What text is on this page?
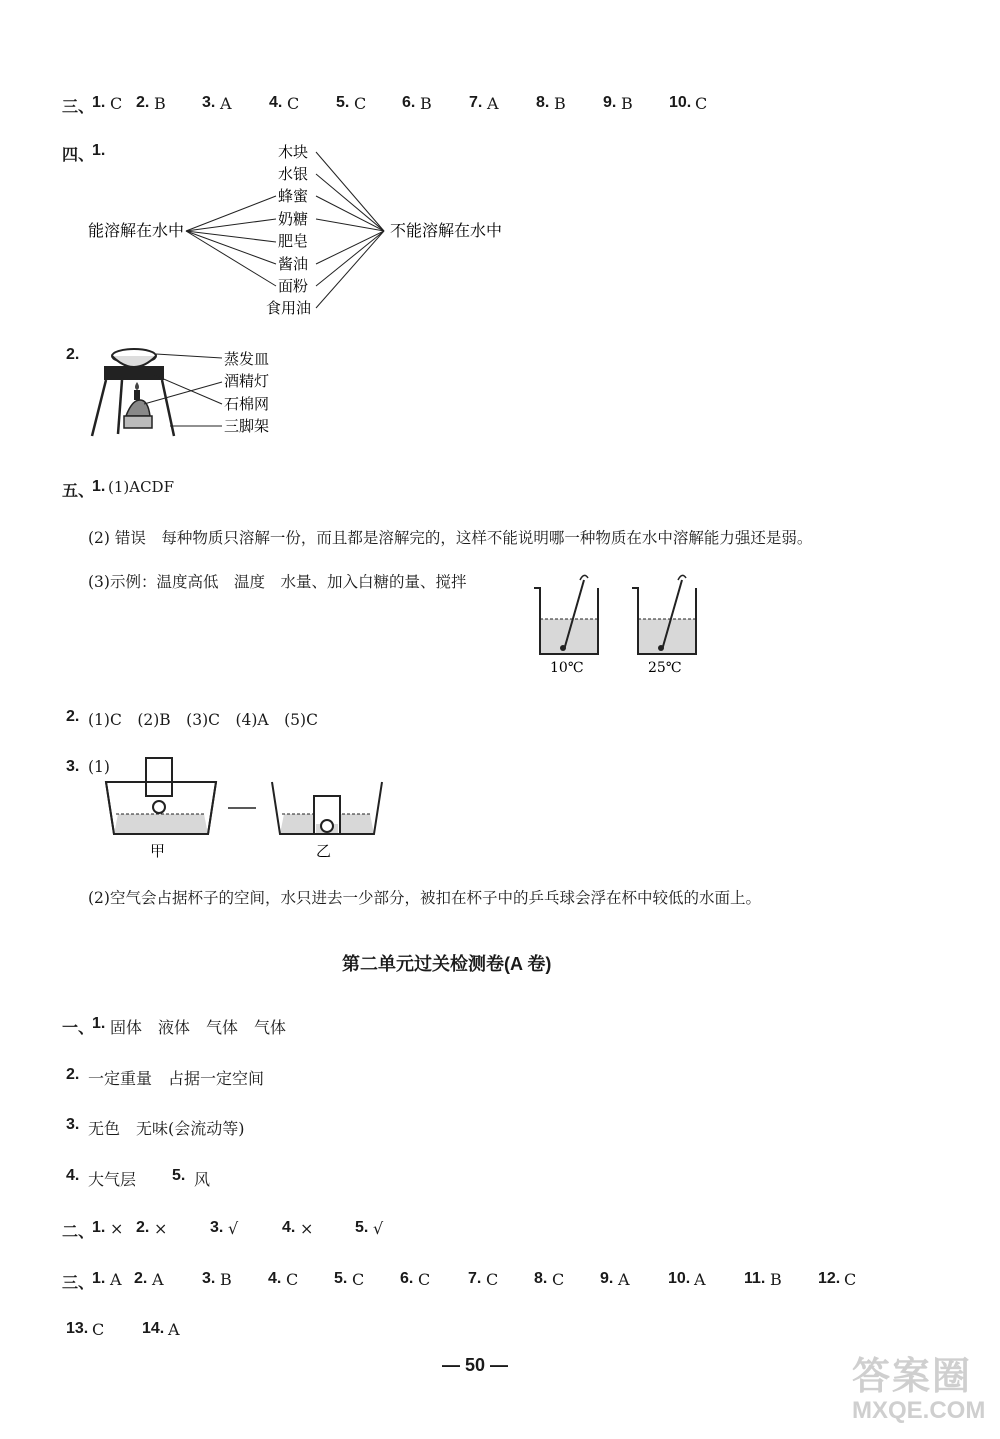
三、
1. C 2. B 3. A 4. C 5. C 6. B 7. A 8. B 9. B 10. C
四、
1.
能溶解在水中	不能溶解在水中
木块
水银
蜂蜜
奶糖
肥皂
酱油
面粉
食用油
2.	蒸发皿
酒精灯
石棉网
三脚架
五、
1. (1)ACDF
(2) 错误　每种物质只溶解一份，而且都是溶解完的，这样不能说明哪一种物质在水中溶解能力强还是弱。
(3)示例：温度高低　温度　水量、加入白糖的量、搅拌
10℃	25℃
2. (1)C　(2)B　(3)C　(4)A　(5)C
3. (1)
甲	乙
(2)空气会占据杯子的空间，水只进去一少部分，被扣在杯子中的乒乓球会浮在杯中较低的水面上。
第二单元过关检测卷(A 卷)
一、
1. 固体　液体　气体　气体
2. 一定重量　占据一定空间
3. 无色　无味(会流动等)
4. 大气层 5. 风
二、
1. × 2. ×	3. √	4. ×	5. √
三、
1. A 2. A 3. B 4. C 5. C 6. C 7. C 8. C 9. A 10. A 11. B 12. C
13. C 14. A
— 50 —	答案圈
MXQE.COM
